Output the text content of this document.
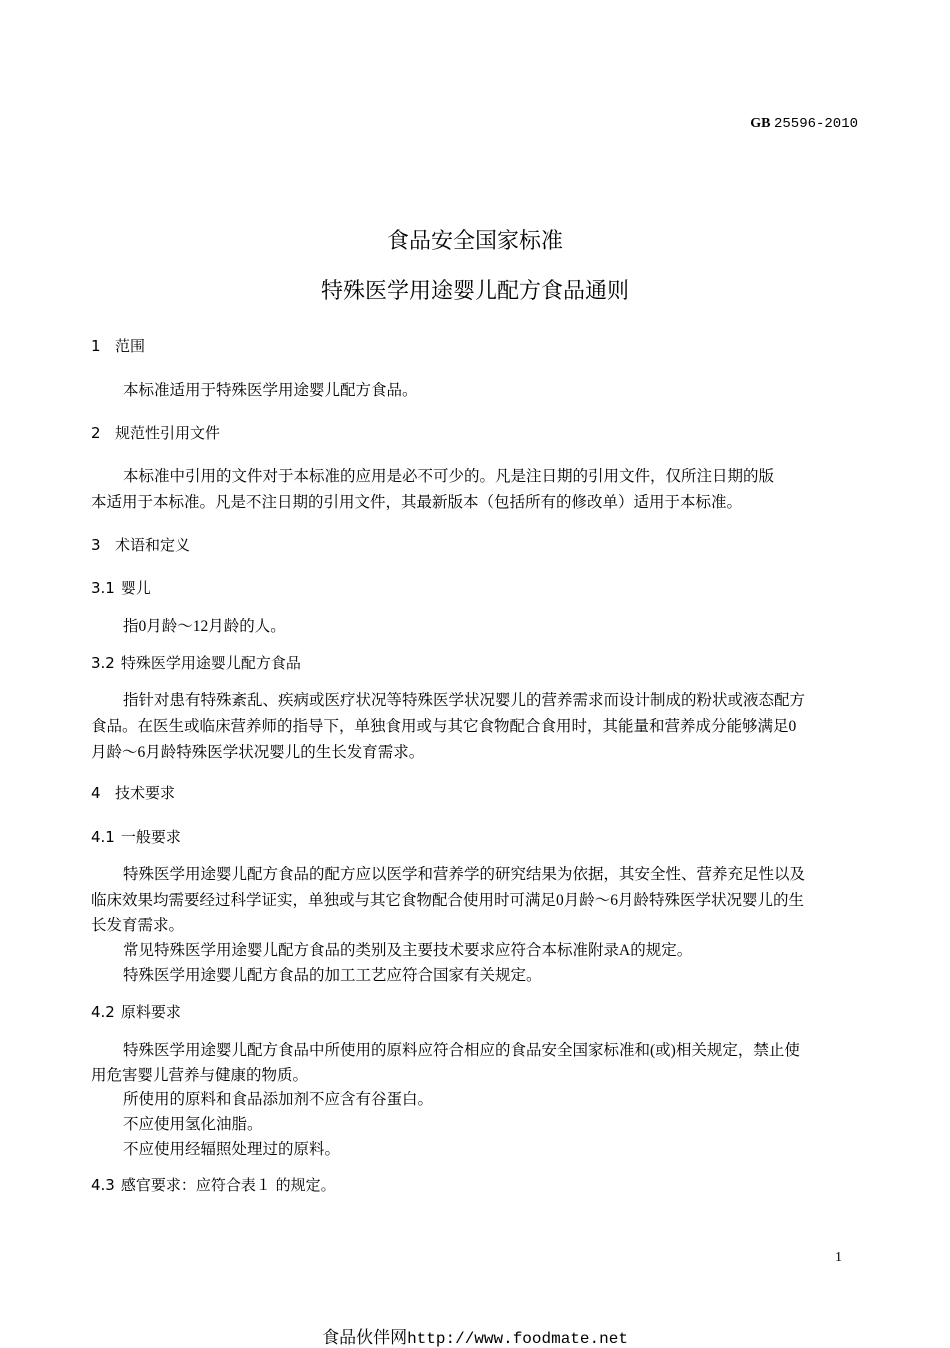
GB 25596-2010
食品安全国家标准
特殊医学用途婴儿配方食品通则
1 范围
本标准适用于特殊医学用途婴儿配方食品。
2 规范性引用文件
本标准中引用的文件对于本标准的应用是必不可少的。凡是注日期的引用文件，仅所注日期的版
本适用于本标准。凡是不注日期的引用文件，其最新版本（包括所有的修改单）适用于本标准。
3 术语和定义
3.1 婴儿
指0月龄～12月龄的人。
3.2 特殊医学用途婴儿配方食品
指针对患有特殊紊乱、疾病或医疗状况等特殊医学状况婴儿的营养需求而设计制成的粉状或液态配方
食品。在医生或临床营养师的指导下，单独食用或与其它食物配合食用时，其能量和营养成分能够满足0
月龄～6月龄特殊医学状况婴儿的生长发育需求。
4 技术要求
4.1 一般要求
特殊医学用途婴儿配方食品的配方应以医学和营养学的研究结果为依据，其安全性、营养充足性以及
临床效果均需要经过科学证实，单独或与其它食物配合使用时可满足0月龄～6月龄特殊医学状况婴儿的生
长发育需求。
常见特殊医学用途婴儿配方食品的类别及主要技术要求应符合本标准附录A的规定。
特殊医学用途婴儿配方食品的加工工艺应符合国家有关规定。
4.2 原料要求
特殊医学用途婴儿配方食品中所使用的原料应符合相应的食品安全国家标准和(或)相关规定，禁止使
用危害婴儿营养与健康的物质。
所使用的原料和食品添加剂不应含有谷蛋白。
不应使用氢化油脂。
不应使用经辐照处理过的原料。
4.3 感官要求：应符合表１ 的规定。
1
食品伙伴网http://www.foodmate.net
